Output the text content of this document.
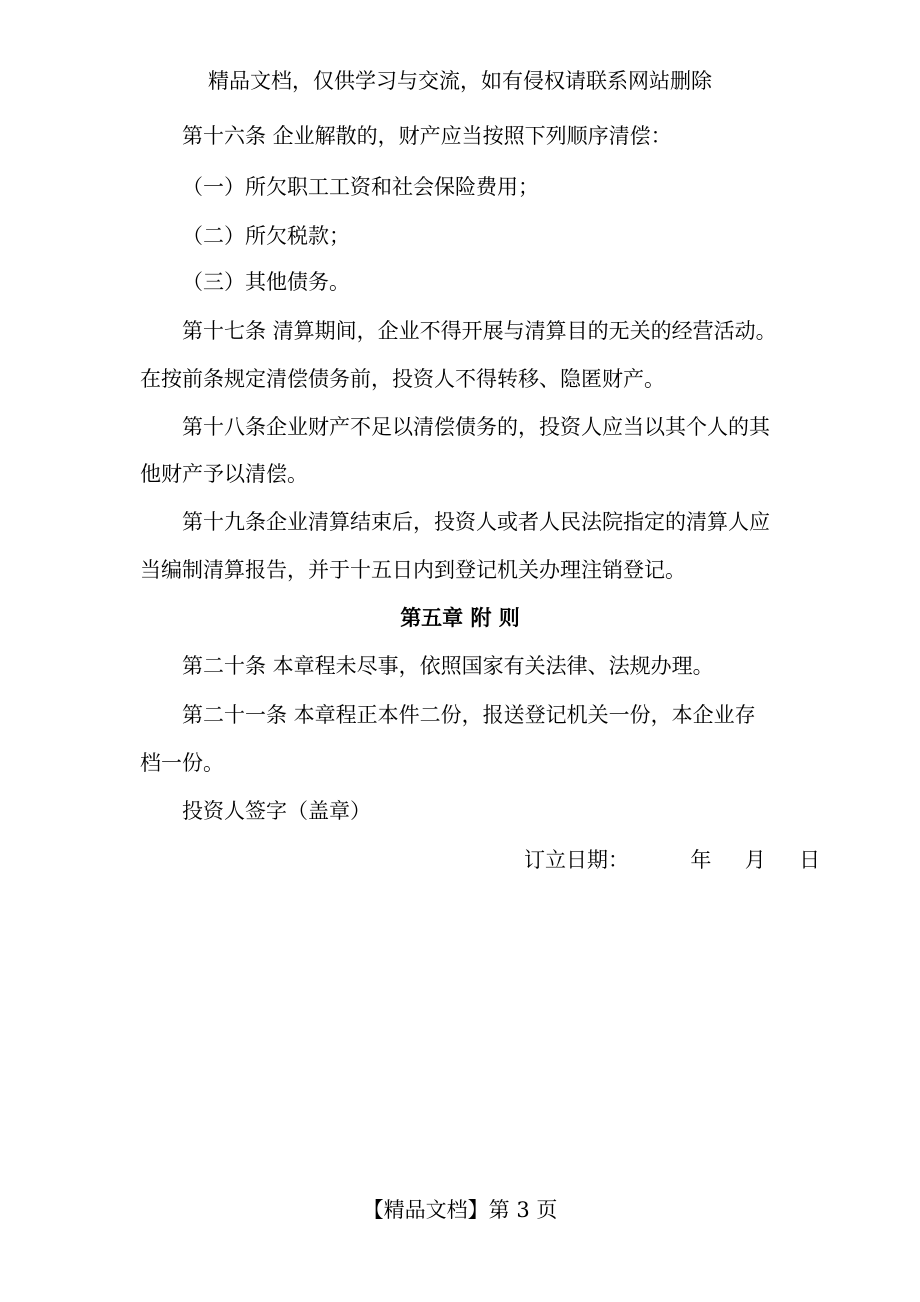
精品文档，仅供学习与交流，如有侵权请联系网站删除

第十六条 企业解散的，财产应当按照下列顺序清偿：

（一）所欠职工工资和社会保险费用；

（二）所欠税款；

（三）其他债务。

第十七条 清算期间，企业不得开展与清算目的无关的经营活动。

在按前条规定清偿债务前，投资人不得转移、隐匿财产。

第十八条企业财产不足以清偿债务的，投资人应当以其个人的其

他财产予以清偿。

第十九条企业清算结束后，投资人或者人民法院指定的清算人应

当编制清算报告，并于十五日内到登记机关办理注销登记。

第五章 附 则

第二十条 本章程未尽事，依照国家有关法律、法规办理。

第二十一条 本章程正本件二份，报送登记机关一份，本企业存

档一份。

投资人签字（盖章）

订立日期：	年 月 日

【精品文档】第 3 页
